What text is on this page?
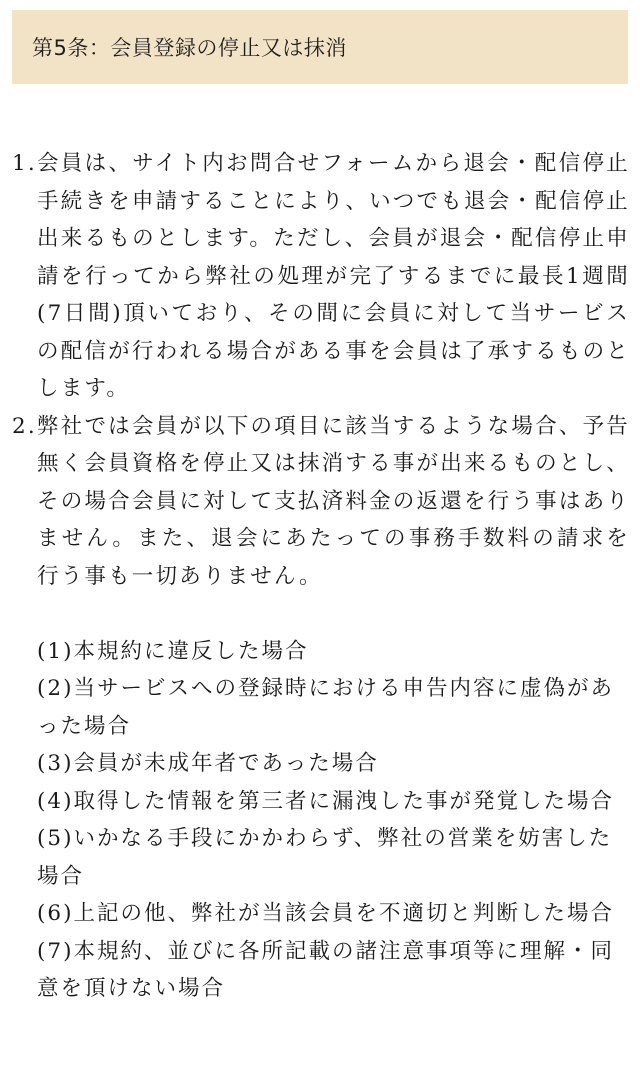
第5条：会員登録の停止又は抹消
1. 会員は、サイト内お問合せフォームから退会・配信停止手続きを申請することにより、いつでも退会・配信停止出来るものとします。ただし、会員が退会・配信停止申請を行ってから弊社の処理が完了するまでに最長1週間(7日間)頂いており、その間に会員に対して当サービスの配信が行われる場合がある事を会員は了承するものとします。
2. 弊社では会員が以下の項目に該当するような場合、予告無く会員資格を停止又は抹消する事が出来るものとし、その場合会員に対して支払済料金の返還を行う事はありません。また、退会にあたっての事務手数料の請求を行う事も一切ありません。
(1)本規約に違反した場合
(2)当サービスへの登録時における申告内容に虚偽があった場合
(3)会員が未成年者であった場合
(4)取得した情報を第三者に漏洩した事が発覚した場合
(5)いかなる手段にかかわらず、弊社の営業を妨害した場合
(6)上記の他、弊社が当該会員を不適切と判断した場合
(7)本規約、並びに各所記載の諸注意事項等に理解・同意を頂けない場合
